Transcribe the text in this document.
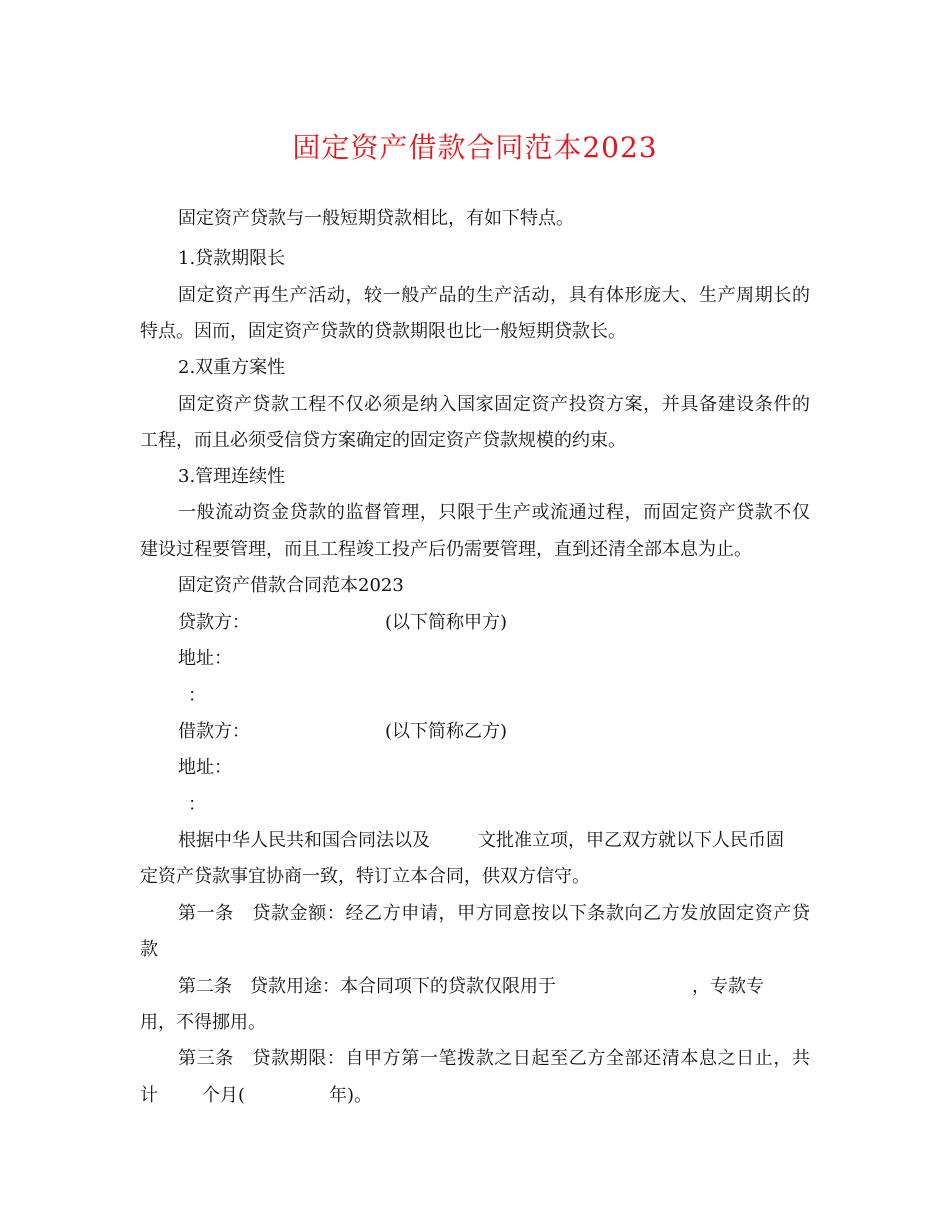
固定资产借款合同范本2023
固定资产贷款与一般短期贷款相比，有如下特点。
1.贷款期限长
固定资产再生产活动，较一般产品的生产活动，具有体形庞大、生产周期长的
特点。因而，固定资产贷款的贷款期限也比一般短期贷款长。
2.双重方案性
固定资产贷款工程不仅必须是纳入国家固定资产投资方案，并具备建设条件的
工程，而且必须受信贷方案确定的固定资产贷款规模的约束。
3.管理连续性
一般流动资金贷款的监督管理，只限于生产或流通过程，而固定资产贷款不仅
建设过程要管理，而且工程竣工投产后仍需要管理，直到还清全部本息为止。
固定资产借款合同范本2023
贷款方：	(以下简称甲方)
地址：
：
借款方：	(以下简称乙方)
地址：
：
根据中华人民共和国合同法以及	文批准立项，甲乙双方就以下人民币固
定资产贷款事宜协商一致，特订立本合同，供双方信守。
第一条　贷款金额：经乙方申请，甲方同意按以下条款向乙方发放固定资产贷
款
第二条　贷款用途：本合同项下的贷款仅限用于	，专款专
用，不得挪用。
第三条　贷款期限：自甲方第一笔拨款之日起至乙方全部还清本息之日止，共
计 个月(	年)。
